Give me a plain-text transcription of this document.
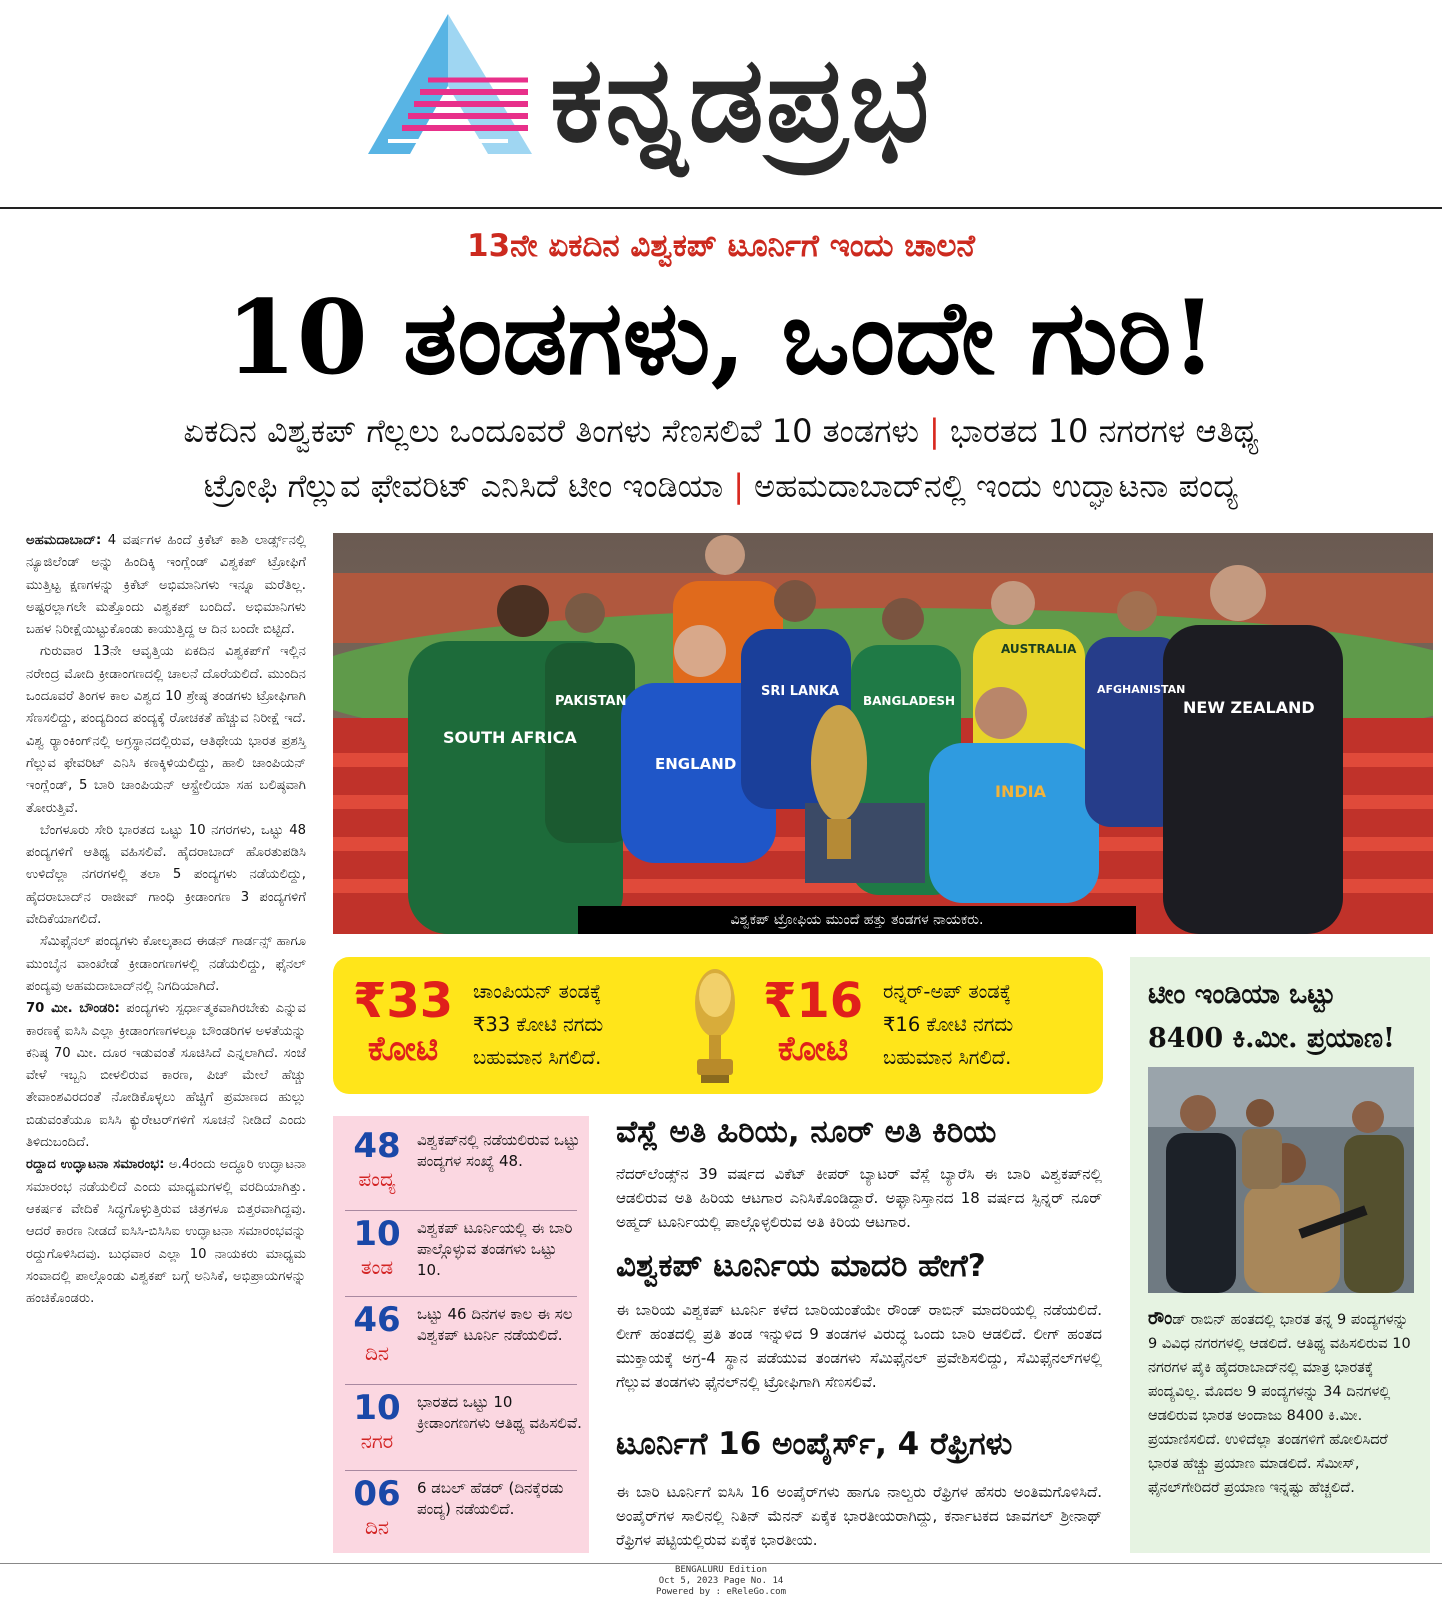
ಕನ್ನಡಪ್ರಭ
13ನೇ ಏಕದಿನ ವಿಶ್ವಕಪ್ ಟೂರ್ನಿಗೆ ಇಂದು ಚಾಲನೆ
10 ತಂಡಗಳು, ಒಂದೇ ಗುರಿ!
ಏಕದಿನ ವಿಶ್ವಕಪ್ ಗೆಲ್ಲಲು ಒಂದೂವರೆ ತಿಂಗಳು ಸೆಣಸಲಿವೆ 10 ತಂಡಗಳು | ಭಾರತದ 10 ನಗರಗಳ ಆತಿಥ್ಯ
ಟ್ರೋಫಿ ಗೆಲ್ಲುವ ಫೇವರಿಟ್ ಎನಿಸಿದೆ ಟೀಂ ಇಂಡಿಯಾ | ಅಹಮದಾಬಾದ್‌ನಲ್ಲಿ ಇಂದು ಉದ್ಘಾಟನಾ ಪಂದ್ಯ

ಅಹಮದಾಬಾದ್: 4 ವರ್ಷಗಳ ಹಿಂದೆ ಕ್ರಿಕೆಟ್ ಕಾಶಿ ಲಾರ್ಡ್ಸ್‌ನಲ್ಲಿ ನ್ಯೂಜಿಲೆಂಡ್ ಅನ್ನು ಹಿಂದಿಕ್ಕಿ ಇಂಗ್ಲೆಂಡ್ ವಿಶ್ವಕಪ್ ಟ್ರೋಫಿಗೆ ಮುತ್ತಿಟ್ಟ ಕ್ಷಣಗಳನ್ನು ಕ್ರಿಕೆಟ್ ಅಭಿಮಾನಿಗಳು ಇನ್ನೂ ಮರೆತಿಲ್ಲ. ಅಷ್ಟರಲ್ಲಾಗಲೇ ಮತ್ತೊಂದು ವಿಶ್ವಕಪ್ ಬಂದಿದೆ. ಅಭಿಮಾನಿಗಳು ಬಹಳ ನಿರೀಕ್ಷೆಯಿಟ್ಟುಕೊಂಡು ಕಾಯುತ್ತಿದ್ದ ಆ ದಿನ ಬಂದೇ ಬಿಟ್ಟಿದೆ.

ಗುರುವಾರ 13ನೇ ಆವೃತ್ತಿಯ ಏಕದಿನ ವಿಶ್ವಕಪ್‌ಗೆ ಇಲ್ಲಿನ ನರೇಂದ್ರ ಮೋದಿ ಕ್ರೀಡಾಂಗಣದಲ್ಲಿ ಚಾಲನೆ ದೊರೆಯಲಿದೆ. ಮುಂದಿನ ಒಂದೂವರೆ ತಿಂಗಳ ಕಾಲ ವಿಶ್ವದ 10 ಶ್ರೇಷ್ಠ ತಂಡಗಳು ಟ್ರೋಫಿಗಾಗಿ ಸೆಣಸಲಿದ್ದು, ಪಂದ್ಯದಿಂದ ಪಂದ್ಯಕ್ಕೆ ರೋಚಕತೆ ಹೆಚ್ಚುವ ನಿರೀಕ್ಷೆ ಇದೆ. ವಿಶ್ವ ರ‍್ಯಾಂಕಿಂಗ್‌ನಲ್ಲಿ ಅಗ್ರಸ್ಥಾನದಲ್ಲಿರುವ, ಆತಿಥೇಯ ಭಾರತ ಪ್ರಶಸ್ತಿ ಗೆಲ್ಲುವ ಫೇವರಿಟ್ ಎನಿಸಿ ಕಣಕ್ಕಿಳಿಯಲಿದ್ದು, ಹಾಲಿ ಚಾಂಪಿಯನ್ ಇಂಗ್ಲೆಂಡ್, 5 ಬಾರಿ ಚಾಂಪಿಯನ್ ಆಸ್ಟ್ರೇಲಿಯಾ ಸಹ ಬಲಿಷ್ಠವಾಗಿ ತೋರುತ್ತಿವೆ.

ಬೆಂಗಳೂರು ಸೇರಿ ಭಾರತದ ಒಟ್ಟು 10 ನಗರಗಳು, ಒಟ್ಟು 48 ಪಂದ್ಯಗಳಿಗೆ ಆತಿಥ್ಯ ವಹಿಸಲಿವೆ. ಹೈದರಾಬಾದ್ ಹೊರತುಪಡಿಸಿ ಉಳಿದೆಲ್ಲಾ ನಗರಗಳಲ್ಲಿ ತಲಾ 5 ಪಂದ್ಯಗಳು ನಡೆಯಲಿದ್ದು, ಹೈದರಾಬಾದ್‌ನ ರಾಜೀವ್ ಗಾಂಧಿ ಕ್ರೀಡಾಂಗಣ 3 ಪಂದ್ಯಗಳಿಗೆ ವೇದಿಕೆಯಾಗಲಿದೆ.

ಸೆಮಿಫೈನಲ್ ಪಂದ್ಯಗಳು ಕೋಲ್ಕತಾದ ಈಡನ್ ಗಾರ್ಡನ್ಸ್ ಹಾಗೂ ಮುಂಬೈನ ವಾಂಖೇಡೆ ಕ್ರೀಡಾಂಗಣಗಳಲ್ಲಿ ನಡೆಯಲಿದ್ದು, ಫೈನಲ್ ಪಂದ್ಯವು ಅಹಮದಾಬಾದ್‌ನಲ್ಲಿ ನಿಗದಿಯಾಗಿದೆ.

70 ಮೀ. ಬೌಂಡರಿ: ಪಂದ್ಯಗಳು ಸ್ಪರ್ಧಾತ್ಮಕವಾಗಿರಬೇಕು ಎನ್ನುವ ಕಾರಣಕ್ಕೆ ಐಸಿಸಿ ಎಲ್ಲಾ ಕ್ರೀಡಾಂಗಣಗಳಲ್ಲೂ ಬೌಂಡರಿಗಳ ಅಳತೆಯನ್ನು ಕನಿಷ್ಠ 70 ಮೀ. ದೂರ ಇಡುವಂತೆ ಸೂಚಿಸಿದೆ ಎನ್ನಲಾಗಿದೆ. ಸಂಜೆ ವೇಳೆ ಇಬ್ಬನಿ ಬೀಳಲಿರುವ ಕಾರಣ, ಪಿಚ್ ಮೇಲೆ ಹೆಚ್ಚು ತೇವಾಂಶವಿರದಂತೆ ನೋಡಿಕೊಳ್ಳಲು ಹೆಚ್ಚಿಗೆ ಪ್ರಮಾಣದ ಹುಲ್ಲು ಬಿಡುವಂತೆಯೂ ಐಸಿಸಿ ಕ್ಯುರೇಟರ್‌ಗಳಿಗೆ ಸೂಚನೆ ನೀಡಿದೆ ಎಂದು ತಿಳಿದುಬಂದಿದೆ.

ರದ್ದಾದ ಉದ್ಘಾಟನಾ ಸಮಾರಂಭ: ಅ.4ರಂದು ಅದ್ಧೂರಿ ಉದ್ಘಾಟನಾ ಸಮಾರಂಭ ನಡೆಯಲಿದೆ ಎಂದು ಮಾಧ್ಯಮಗಳಲ್ಲಿ ವರದಿಯಾಗಿತ್ತು. ಆಕರ್ಷಕ ವೇದಿಕೆ ಸಿದ್ಧಗೊಳ್ಳುತ್ತಿರುವ ಚಿತ್ರಗಳೂ ಬಿತ್ತರವಾಗಿದ್ದವು. ಆದರೆ ಕಾರಣ ನೀಡದೆ ಐಸಿಸಿ-ಬಿಸಿಸಿಐ ಉದ್ಘಾಟನಾ ಸಮಾರಂಭವನ್ನು ರದ್ದುಗೊಳಿಸಿದವು. ಬುಧವಾರ ಎಲ್ಲಾ 10 ನಾಯಕರು ಮಾಧ್ಯಮ ಸಂವಾದಲ್ಲಿ ಪಾಲ್ಗೊಂಡು ವಿಶ್ವಕಪ್ ಬಗ್ಗೆ ಅನಿಸಿಕೆ, ಅಭಿಪ್ರಾಯಗಳನ್ನು ಹಂಚಿಕೊಂಡರು.

SOUTH AFRICA
PAKISTAN
ENGLAND
SRI LANKA
BANGLADESH
INDIA
AUSTRALIA
AFGHANISTAN
NEW ZEALAND
ವಿಶ್ವಕಪ್ ಟ್ರೋಫಿಯ ಮುಂದೆ ಹತ್ತು ತಂಡಗಳ ನಾಯಕರು.
₹33
ಕೋಟಿ
ಚಾಂಪಿಯನ್ ತಂಡಕ್ಕೆ
₹33 ಕೋಟಿ ನಗದು
ಬಹುಮಾನ ಸಿಗಲಿದೆ.
₹16
ಕೋಟಿ
ರನ್ನರ್-ಅಪ್ ತಂಡಕ್ಕೆ
₹16 ಕೋಟಿ ನಗದು
ಬಹುಮಾನ ಸಿಗಲಿದೆ.
48
ಪಂದ್ಯ
ವಿಶ್ವಕಪ್‌ನಲ್ಲಿ ನಡೆಯಲಿರುವ ಒಟ್ಟು ಪಂದ್ಯಗಳ ಸಂಖ್ಯೆ 48.
10
ತಂಡ
ವಿಶ್ವಕಪ್ ಟೂರ್ನಿಯಲ್ಲಿ ಈ ಬಾರಿ ಪಾಲ್ಗೊಳ್ಳುವ ತಂಡಗಳು ಒಟ್ಟು 10.
46
ದಿನ
ಒಟ್ಟು 46 ದಿನಗಳ ಕಾಲ ಈ ಸಲ ವಿಶ್ವಕಪ್ ಟೂರ್ನಿ ನಡೆಯಲಿದೆ.
10
ನಗರ
ಭಾರತದ ಒಟ್ಟು 10 ಕ್ರೀಡಾಂಗಣಗಳು ಆತಿಥ್ಯ ವಹಿಸಲಿವೆ.
06
ದಿನ
6 ಡಬಲ್ ಹೆಡರ್ (ದಿನಕ್ಕೆರಡು ಪಂದ್ಯ) ನಡೆಯಲಿದೆ.
ವೆಸ್ಲೆ ಅತಿ ಹಿರಿಯ, ನೂರ್ ಅತಿ ಕಿರಿಯ
ನೆದರ್‌ಲೆಂಡ್ಸ್‌ನ 39 ವರ್ಷದ ವಿಕೆಟ್ ಕೀಪರ್ ಬ್ಯಾಟರ್ ವೆಸ್ಲೆ ಬ್ಯಾರೆಸಿ ಈ ಬಾರಿ ವಿಶ್ವಕಪ್‌ನಲ್ಲಿ ಆಡಲಿರುವ ಅತಿ ಹಿರಿಯ ಆಟಗಾರ ಎನಿಸಿಕೊಂಡಿದ್ದಾರೆ. ಅಫ್ಘಾನಿಸ್ತಾನದ 18 ವರ್ಷದ ಸ್ಪಿನ್ನರ್ ನೂರ್ ಅಹ್ಮದ್ ಟೂರ್ನಿಯಲ್ಲಿ ಪಾಲ್ಗೊಳ್ಳಲಿರುವ ಅತಿ ಕಿರಿಯ ಆಟಗಾರ.
ವಿಶ್ವಕಪ್ ಟೂರ್ನಿಯ ಮಾದರಿ ಹೇಗೆ?
ಈ ಬಾರಿಯ ವಿಶ್ವಕಪ್ ಟೂರ್ನಿ ಕಳೆದ ಬಾರಿಯಂತೆಯೇ ರೌಂಡ್ ರಾಬಿನ್ ಮಾದರಿಯಲ್ಲಿ ನಡೆಯಲಿದೆ. ಲೀಗ್ ಹಂತದಲ್ಲಿ ಪ್ರತಿ ತಂಡ ಇನ್ನುಳಿದ 9 ತಂಡಗಳ ವಿರುದ್ಧ ಒಂದು ಬಾರಿ ಆಡಲಿದೆ. ಲೀಗ್ ಹಂತದ ಮುಕ್ತಾಯಕ್ಕೆ ಅಗ್ರ-4 ಸ್ಥಾನ ಪಡೆಯುವ ತಂಡಗಳು ಸೆಮಿಫೈನಲ್ ಪ್ರವೇಶಿಸಲಿದ್ದು, ಸೆಮಿಫೈನಲ್‌ಗಳಲ್ಲಿ ಗೆಲ್ಲುವ ತಂಡಗಳು ಫೈನಲ್‌ನಲ್ಲಿ ಟ್ರೋಫಿಗಾಗಿ ಸೆಣಸಲಿವೆ.
ಟೂರ್ನಿಗೆ 16 ಅಂಪೈರ್ಸ್, 4 ರೆಫ್ರಿಗಳು
ಈ ಬಾರಿ ಟೂರ್ನಿಗೆ ಐಸಿಸಿ 16 ಅಂಪೈರ್‌ಗಳು ಹಾಗೂ ನಾಲ್ವರು ರೆಫ್ರಿಗಳ ಹೆಸರು ಅಂತಿಮಗೊಳಿಸಿದೆ. ಅಂಪೈರ್‌ಗಳ ಸಾಲಿನಲ್ಲಿ ನಿತಿನ್ ಮೆನನ್ ಏಕೈಕ ಭಾರತೀಯರಾಗಿದ್ದು, ಕರ್ನಾಟಕದ ಜಾವಗಲ್ ಶ್ರೀನಾಥ್ ರೆಫ್ರಿಗಳ ಪಟ್ಟಿಯಲ್ಲಿರುವ ಏಕೈಕ ಭಾರತೀಯ.
ಟೀಂ ಇಂಡಿಯಾ ಒಟ್ಟು
8400 ಕಿ.ಮೀ. ಪ್ರಯಾಣ!
ರೌಂಡ್ ರಾಬಿನ್ ಹಂತದಲ್ಲಿ ಭಾರತ ತನ್ನ 9 ಪಂದ್ಯಗಳನ್ನು 9 ವಿವಿಧ ನಗರಗಳಲ್ಲಿ ಆಡಲಿದೆ. ಆತಿಥ್ಯ ವಹಿಸಲಿರುವ 10 ನಗರಗಳ ಪೈಕಿ ಹೈದರಾಬಾದ್‌ನಲ್ಲಿ ಮಾತ್ರ ಭಾರತಕ್ಕೆ ಪಂದ್ಯವಿಲ್ಲ. ಮೊದಲ 9 ಪಂದ್ಯಗಳನ್ನು 34 ದಿನಗಳಲ್ಲಿ ಆಡಲಿರುವ ಭಾರತ ಅಂದಾಜು 8400 ಕಿ.ಮೀ. ಪ್ರಯಾಣಿಸಲಿದೆ. ಉಳಿದೆಲ್ಲಾ ತಂಡಗಳಿಗೆ ಹೋಲಿಸಿದರೆ ಭಾರತ ಹೆಚ್ಚು ಪ್ರಯಾಣ ಮಾಡಲಿದೆ. ಸೆಮೀಸ್, ಫೈನಲ್‌ಗೇರಿದರೆ ಪ್ರಯಾಣ ಇನ್ನಷ್ಟು ಹೆಚ್ಚಲಿದೆ.
BENGALURU Edition
Oct 5, 2023 Page No. 14
Powered by : eReleGo.com
